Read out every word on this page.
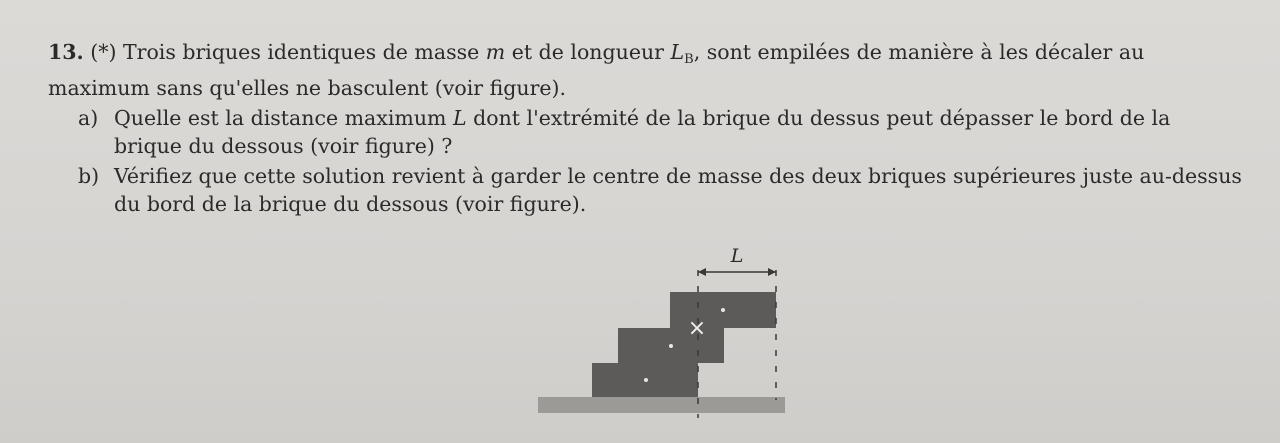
13. (*) Trois briques identiques de masse m et de longueur $L_B$, sont empilées de manière à les décaler au
maximum sans qu'elles ne basculent (voir figure).
a) Quelle est la distance maximum L dont l'extrémité de la brique du dessus peut dépasser le bord de la
brique du dessous (voir figure) ?
b) Vérifiez que cette solution revient à garder le centre de masse des deux briques supérieures juste au-dessus
du bord de la brique du dessous (voir figure).
×
L
